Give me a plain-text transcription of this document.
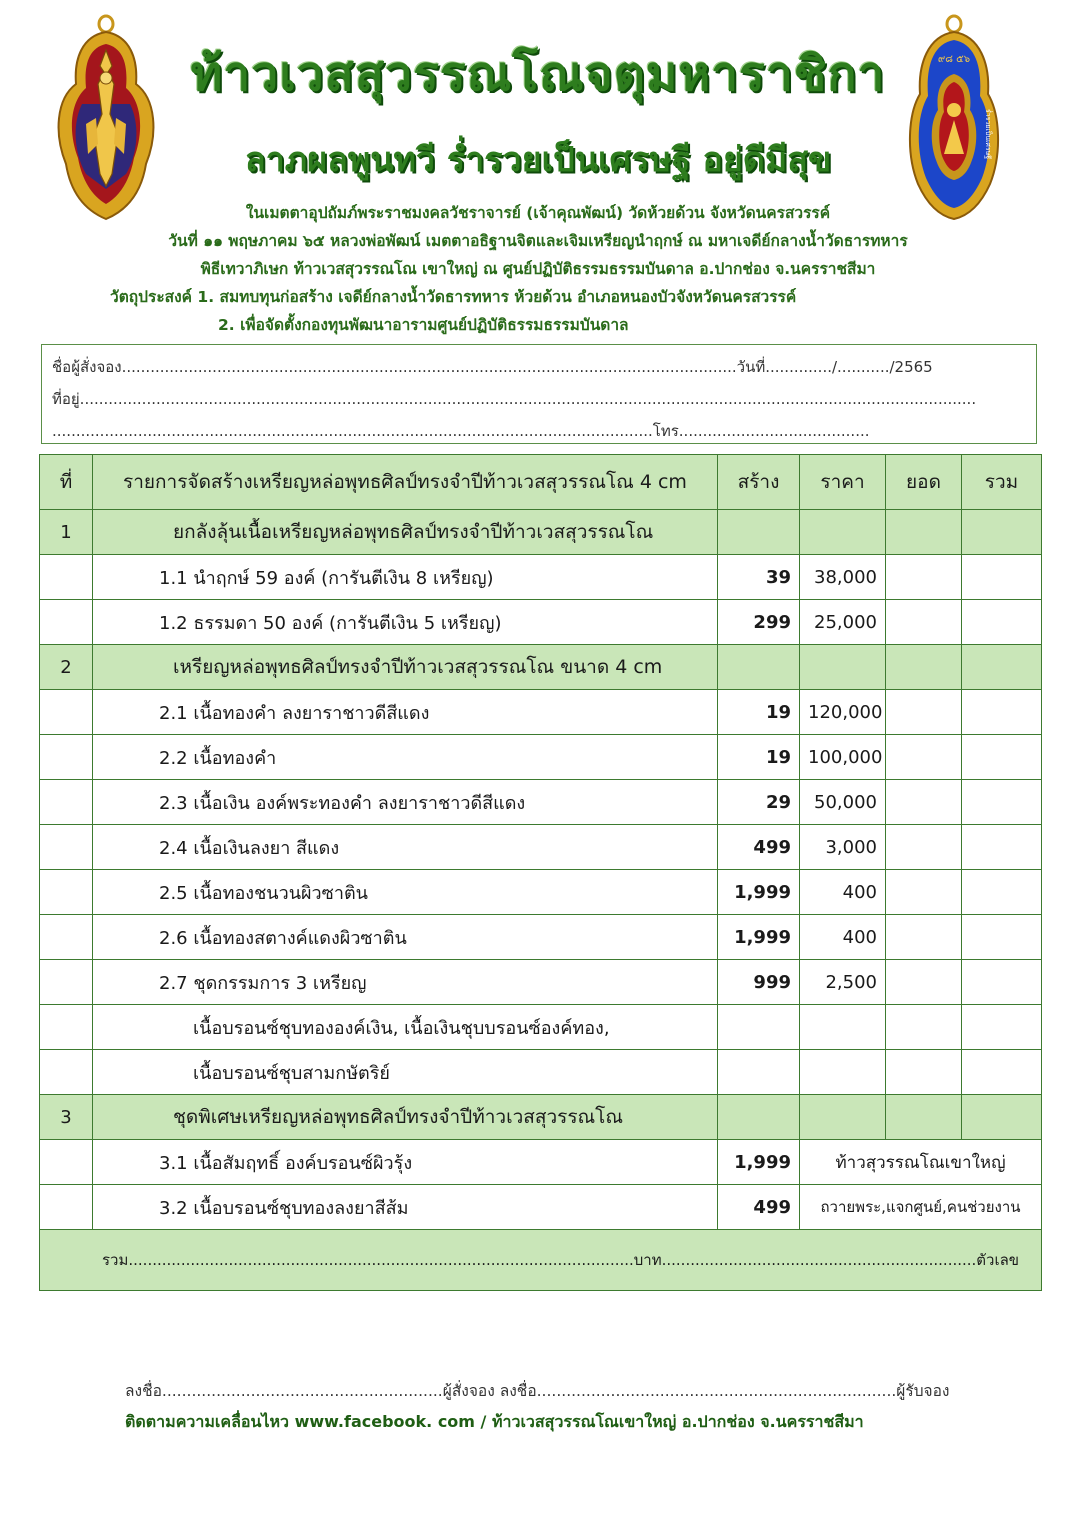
๙๘ ๕๖
ร่ำรวยเป็นเศรษฐี
ท้าวเวสสุวรรณโณจตุมหาราชิกา
ลาภผลพูนทวี ร่ำรวยเป็นเศรษฐี อยู่ดีมีสุข
ในเมตตาอุปถัมภ์พระราชมงคลวัชราจารย์ (เจ้าคุณพัฒน์) วัดห้วยด้วน จังหวัดนครสวรรค์
วันที่ ๑๑ พฤษภาคม ๖๕ หลวงพ่อพัฒน์ เมตตาอธิฐานจิตและเจิมเหรียญนำฤกษ์ ณ มหาเจดีย์กลางน้ำวัดธารทหาร
พิธีเทวาภิเษก ท้าวเวสสุวรรณโณ เขาใหญ่ ณ ศูนย์ปฏิบัติธรรมธรรมบันดาล อ.ปากช่อง จ.นครราชสีมา
วัตถุประสงค์ 1. สมทบทุนก่อสร้าง เจดีย์กลางน้ำวัดธารทหาร ห้วยด้วน อำเภอหนองบัวจังหวัดนครสวรรค์
2. เพื่อจัดตั้งกองทุนพัฒนาอารามศูนย์ปฏิบัติธรรมธรรมบันดาล
ชื่อผู้สั่งจอง.................................................................................................................................วันที่............../.........../2565
ที่อยู่............................................................................................................................................................................................
..............................................................................................................................โทร........................................
ที่	รายการจัดสร้างเหรียญหล่อพุทธศิลป์ทรงจำปีท้าวเวสสุวรรณโณ 4 cm	สร้าง	ราคา	ยอด	รวม
1	ยกลังลุ้นเนื้อเหรียญหล่อพุทธศิลป์ทรงจำปีท้าวเวสสุวรรณโณ				
	1.1 นำฤกษ์ 59 องค์ (การันตีเงิน 8 เหรียญ)	39	38,000		
	1.2 ธรรมดา 50 องค์ (การันตีเงิน 5 เหรียญ)	299	25,000		
2	เหรียญหล่อพุทธศิลป์ทรงจำปีท้าวเวสสุวรรณโณ ขนาด 4 cm				
	2.1 เนื้อทองคำ ลงยาราชาวดีสีแดง	19	120,000		
	2.2 เนื้อทองคำ	19	100,000		
	2.3 เนื้อเงิน องค์พระทองคำ ลงยาราชาวดีสีแดง	29	50,000		
	2.4 เนื้อเงินลงยา สีแดง	499	3,000		
	2.5 เนื้อทองชนวนผิวซาติน	1,999	400		
	2.6 เนื้อทองสตางค์แดงผิวซาติน	1,999	400		
	2.7 ชุดกรรมการ 3 เหรียญ	999	2,500		
	เนื้อบรอนซ์ชุบทององค์เงิน, เนื้อเงินชุบบรอนซ์องค์ทอง,				
	เนื้อบรอนซ์ชุบสามกษัตริย์				
3	ชุดพิเศษเหรียญหล่อพุทธศิลป์ทรงจำปีท้าวเวสสุวรรณโณ				
	3.1 เนื้อสัมฤทธิ์ องค์บรอนซ์ผิวรุ้ง	1,999	ท้าวสุวรรณโณเขาใหญ่		
	3.2 เนื้อบรอนซ์ชุบทองลงยาสีส้ม	499	ถวายพระ,แจกศูนย์,คนช่วยงาน		
รวม..........................................................................................................บาท..................................................................ตัวเลข					
ลงชื่อ.........................................................ผู้สั่งจอง ลงชื่อ.........................................................................ผู้รับจอง
ติดตามความเคลื่อนไหว www.facebook. com / ท้าวเวสสุวรรณโณเขาใหญ่ อ.ปากช่อง จ.นครราชสีมา
